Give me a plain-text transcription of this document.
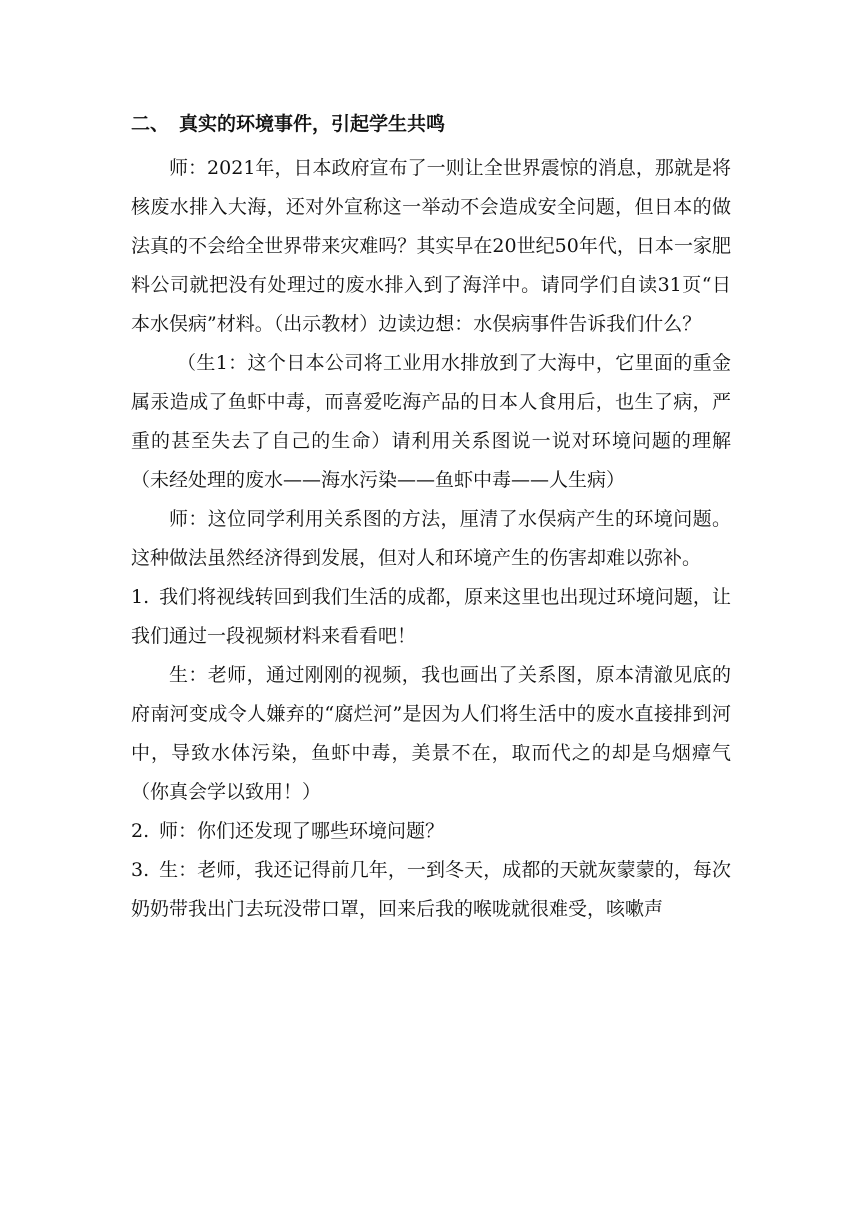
二、 真实的环境事件，引起学生共鸣

师：2021年，日本政府宣布了一则让全世界震惊的消息，那就是将核废水排入大海，还对外宣称这一举动不会造成安全问题，但日本的做法真的不会给全世界带来灾难吗？其实早在20世纪50年代，日本一家肥料公司就把没有处理过的废水排入到了海洋中。请同学们自读31页“日本水俣病”材料。（出示教材）边读边想：水俣病事件告诉我们什么？

（生1：这个日本公司将工业用水排放到了大海中，它里面的重金属汞造成了鱼虾中毒，而喜爱吃海产品的日本人食用后，也生了病，严重的甚至失去了自己的生命）请利用关系图说一说对环境问题的理解（未经处理的废水——海水污染——鱼虾中毒——人生病）

师：这位同学利用关系图的方法，厘清了水俣病产生的环境问题。这种做法虽然经济得到发展，但对人和环境产生的伤害却难以弥补。

1. 我们将视线转回到我们生活的成都，原来这里也出现过环境问题，让我们通过一段视频材料来看看吧！

生：老师，通过刚刚的视频，我也画出了关系图，原本清澈见底的府南河变成令人嫌弃的“腐烂河”是因为人们将生活中的废水直接排到河中，导致水体污染，鱼虾中毒，美景不在，取而代之的却是乌烟瘴气（你真会学以致用！）

2. 师：你们还发现了哪些环境问题？

3. 生：老师，我还记得前几年，一到冬天，成都的天就灰蒙蒙的，每次奶奶带我出门去玩没带口罩，回来后我的喉咙就很难受，咳嗽声
